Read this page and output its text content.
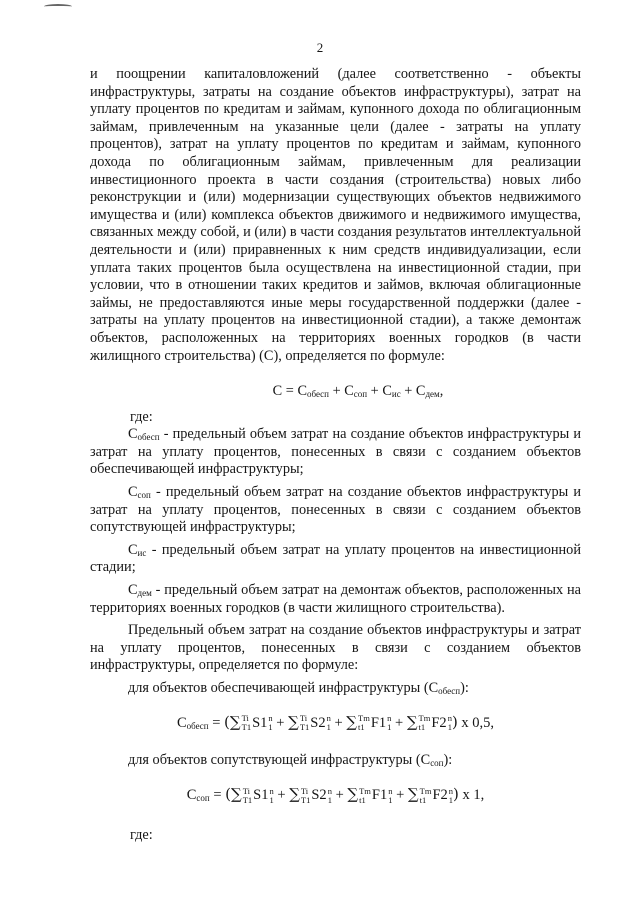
2

и поощрении капиталовложений (далее соответственно - объекты инфраструктуры, затраты на создание объектов инфраструктуры), затрат на уплату процентов по кредитам и займам, купонного дохода по облигационным займам, привлеченным на указанные цели (далее - затраты на уплату процентов), затрат на уплату процентов по кредитам и займам, купонного дохода по облигационным займам, привлеченным для реализации инвестиционного проекта в части создания (строительства) новых либо реконструкции и (или) модернизации существующих объектов недвижимого имущества и (или) комплекса объектов движимого и недвижимого имущества, связанных между собой, и (или) в части создания результатов интеллектуальной деятельности и (или) приравненных к ним средств индивидуализации, если уплата таких процентов была осуществлена на инвестиционной стадии, при условии, что в отношении таких кредитов и займов, включая облигационные займы, не предоставляются иные меры государственной поддержки (далее - затраты на уплату процентов на инвестиционной стадии), а также демонтаж объектов, расположенных на территориях военных городков (в части жилищного строительства) (С), определяется по формуле:

$С = С_{обесп} + С_{соп} + С_{ис} + С_{дем}$,

где:

$С_{обесп}$ - предельный объем затрат на создание объектов инфраструктуры и затрат на уплату процентов, понесенных в связи с созданием объектов обеспечивающей инфраструктуры;

$С_{соп}$ - предельный объем затрат на создание объектов инфраструктуры и затрат на уплату процентов, понесенных в связи с созданием объектов сопутствующей инфраструктуры;

$С_{ис}$ - предельный объем затрат на уплату процентов на инвестиционной стадии;

$С_{дем}$ - предельный объем затрат на демонтаж объектов, расположенных на территориях военных городков (в части жилищного строительства).

Предельный объем затрат на создание объектов инфраструктуры и затрат на уплату процентов, понесенных в связи с созданием объектов инфраструктуры, определяется по формуле:

для объектов обеспечивающей инфраструктуры $(С_{обесп})$:

$С_{обесп}$ = (∑ Ti
T1 S1 n
1 + ∑ Ti
T1 S2 n
1 + ∑ Tm
t1 F1 n
1 + ∑ Tm
t1 F2 n
1 ) x 0,5,

для объектов сопутствующей инфраструктуры $(С_{соп})$:

$С_{соп}$ = (∑ Ti
T1 S1 n
1 + ∑ Ti
T1 S2 n
1 + ∑ Tm
t1 F1 n
1 + ∑ Tm
t1 F2 n
1 ) x 1,

где:
